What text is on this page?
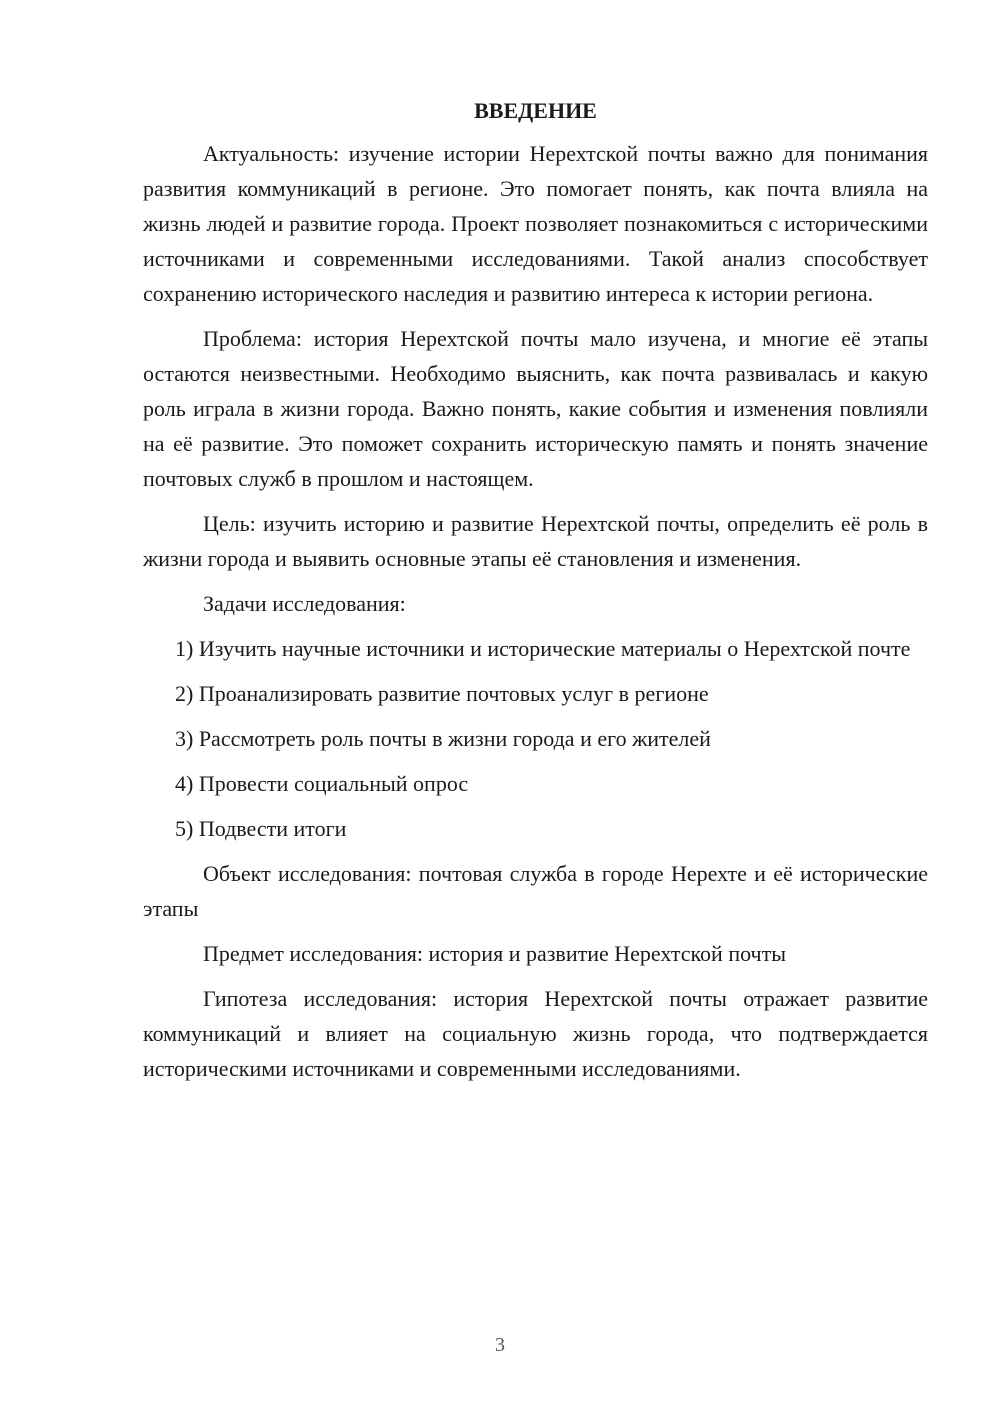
ВВЕДЕНИЕ

Актуальность: изучение истории Нерехтской почты важно для понимания развития коммуникаций в регионе. Это помогает понять, как почта влияла на жизнь людей и развитие города. Проект позволяет познакомиться с историческими источниками и современными исследованиями. Такой анализ способствует сохранению исторического наследия и развитию интереса к истории региона.

Проблема: история Нерехтской почты мало изучена, и многие её этапы остаются неизвестными. Необходимо выяснить, как почта развивалась и какую роль играла в жизни города. Важно понять, какие события и изменения повлияли на её развитие. Это поможет сохранить историческую память и понять значение почтовых служб в прошлом и настоящем.

Цель: изучить историю и развитие Нерехтской почты, определить её роль в жизни города и выявить основные этапы её становления и изменения.

Задачи исследования:

1) Изучить научные источники и исторические материалы о Нерехтской почте

2) Проанализировать развитие почтовых услуг в регионе

3) Рассмотреть роль почты в жизни города и его жителей

4) Провести социальный опрос

5) Подвести итоги

Объект исследования: почтовая служба в городе Нерехте и её исторические этапы

Предмет исследования: история и развитие Нерехтской почты

Гипотеза исследования: история Нерехтской почты отражает развитие коммуникаций и влияет на социальную жизнь города, что подтверждается историческими источниками и современными исследованиями.

3
